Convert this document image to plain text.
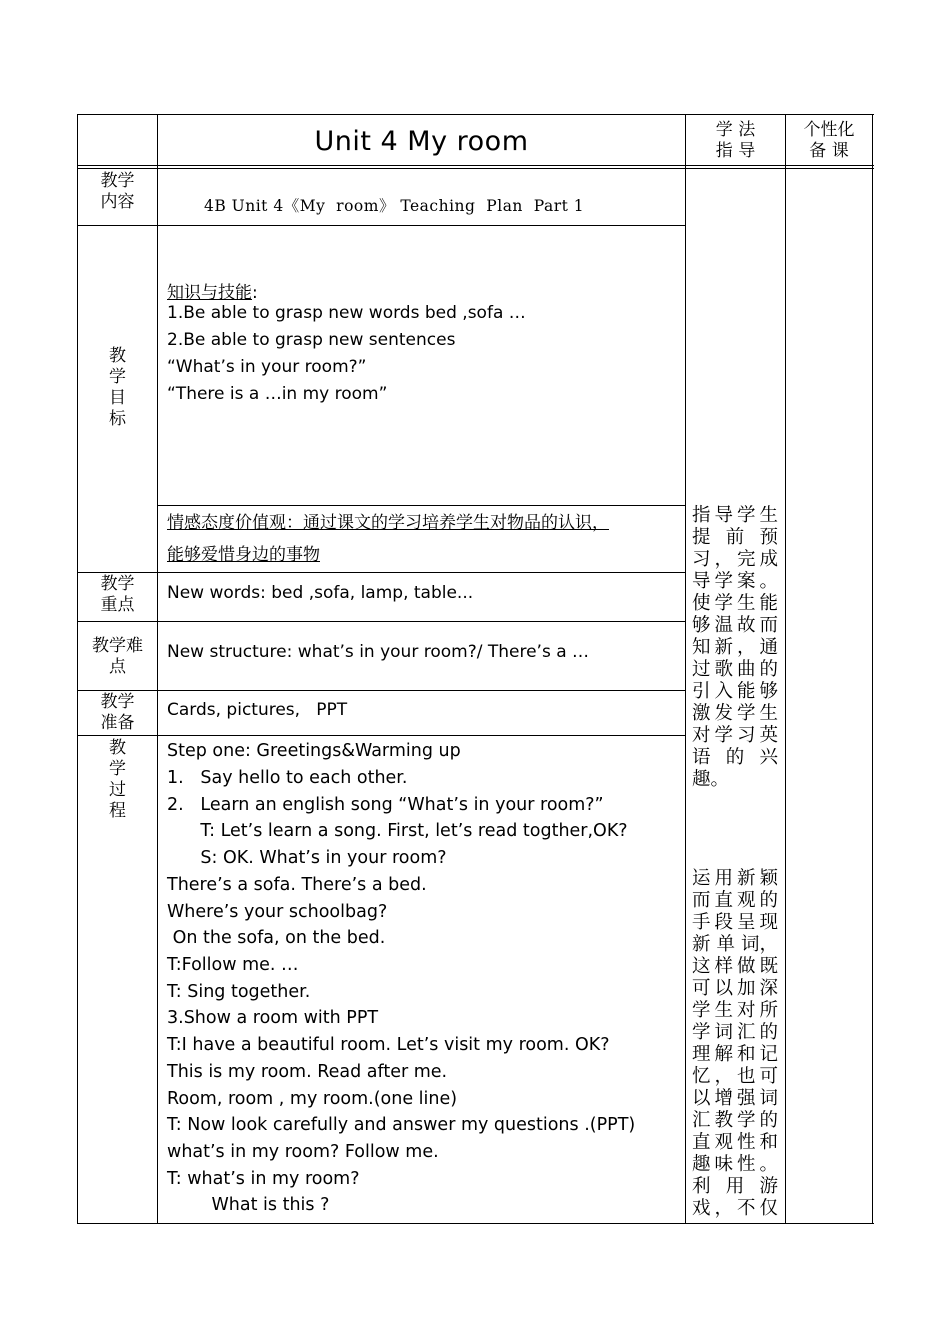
Unit 4 My room	学 法
指 导
个性化
备 课
教学
内容	4B Unit 4《My  room》 Teaching  Plan  Part 1
教
学
目
标
知识与技能:
1.Be able to grasp new words bed ,sofa …
2.Be able to grasp new sentences
“What’s in your room?”
“There is a …in my room”
情感态度价值观：通过课文的学习培养学生对物品的认识，
能够爱惜身边的事物
教学
重点
New words: bed ,sofa, lamp, table...
教学难
点
New structure: what’s in your room?/ There’s a …
教学
准备
Cards, pictures,   PPT
教
学
过
程
Step one: Greetings&Warming up
1.   Say hello to each other.
2.   Learn an english song “What’s in your room?”
T: Let’s learn a song. First, let’s read togther,OK?
S: OK. What’s in your room?
There’s a sofa. There’s a bed.
Where’s your schoolbag?
On the sofa, on the bed.
T:Follow me. …
T: Sing together.
3.Show a room with PPT
T:I have a beautiful room. Let’s visit my room. OK?
This is my room. Read after me.
Room, room , my room.(one line)
T: Now look carefully and answer my questions .(PPT)
what’s in my room? Follow me.
T: what’s in my room?
What is this ?
指导学生
提 前 预
习，完成
导学案。
使学生能
够温故而
知新，通
过歌曲的
引入能够
激发学生
对学习英
语 的 兴
趣。
运用新颖
而直观的
手段呈现
新 单 词，
这样做既
可以加深
学生对所
学词汇的
理解和记
忆，也可
以增强词
汇教学的
直观性和
趣味性。
利 用 游
戏，不仅
